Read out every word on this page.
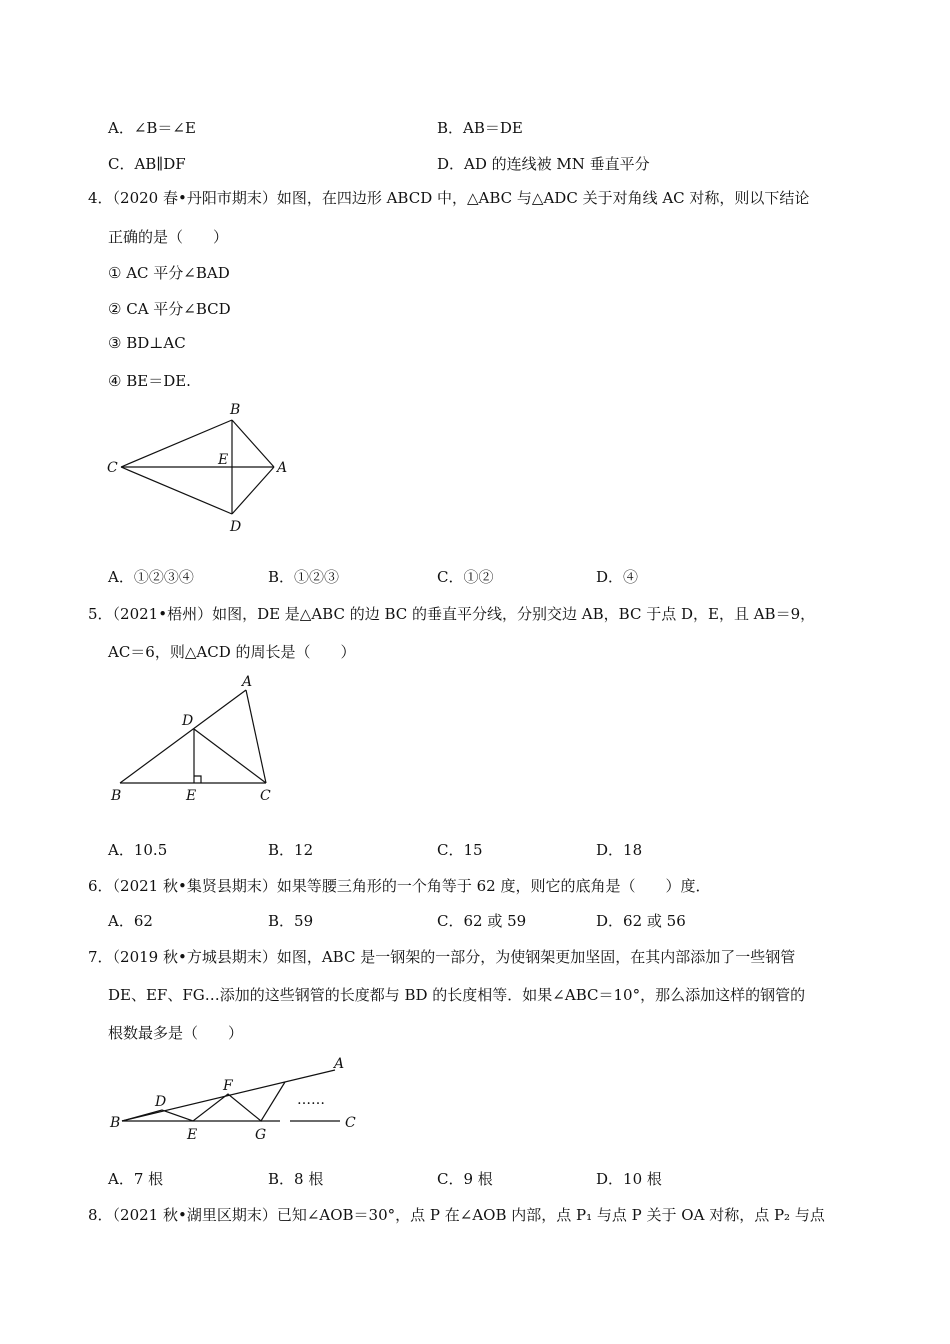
A．∠B＝∠E	B．AB＝DE
C．AB∥DF	D．AD 的连线被 MN 垂直平分
4．（2020 春•丹阳市期末）如图，在四边形 ABCD 中，△ABC 与△ADC 关于对角线 AC 对称，则以下结论
正确的是（　　）
① AC 平分∠BAD
② CA 平分∠BCD
③ BD⊥AC
④ BE＝DE.
B
C	E	A
D
A．①②③④	B．①②③	C．①②	D．④
5．（2021•梧州）如图，DE 是△ABC 的边 BC 的垂直平分线，分别交边 AB，BC 于点 D，E，且 AB＝9，
AC＝6，则△ACD 的周长是（　　）
A
D
B	E	C
A．10.5	B．12	C．15	D．18
6．（2021 秋•集贤县期末）如果等腰三角形的一个角等于 62 度，则它的底角是（　　）度．
A．62	B．59	C．62 或 59	D．62 或 56
7．（2019 秋•方城县期末）如图，ABC 是一钢架的一部分，为使钢架更加坚固，在其内部添加了一些钢管
DE、EF、FG…添加的这些钢管的长度都与 BD 的长度相等．如果∠ABC＝10°，那么添加这样的钢管的
根数最多是（　　）
A
F
D	……
B
E	G
C
A．7 根	B．8 根	C．9 根	D．10 根
8．（2021 秋•湖里区期末）已知∠AOB＝30°，点 P 在∠AOB 内部，点 P₁ 与点 P 关于 OA 对称，点 P₂ 与点
